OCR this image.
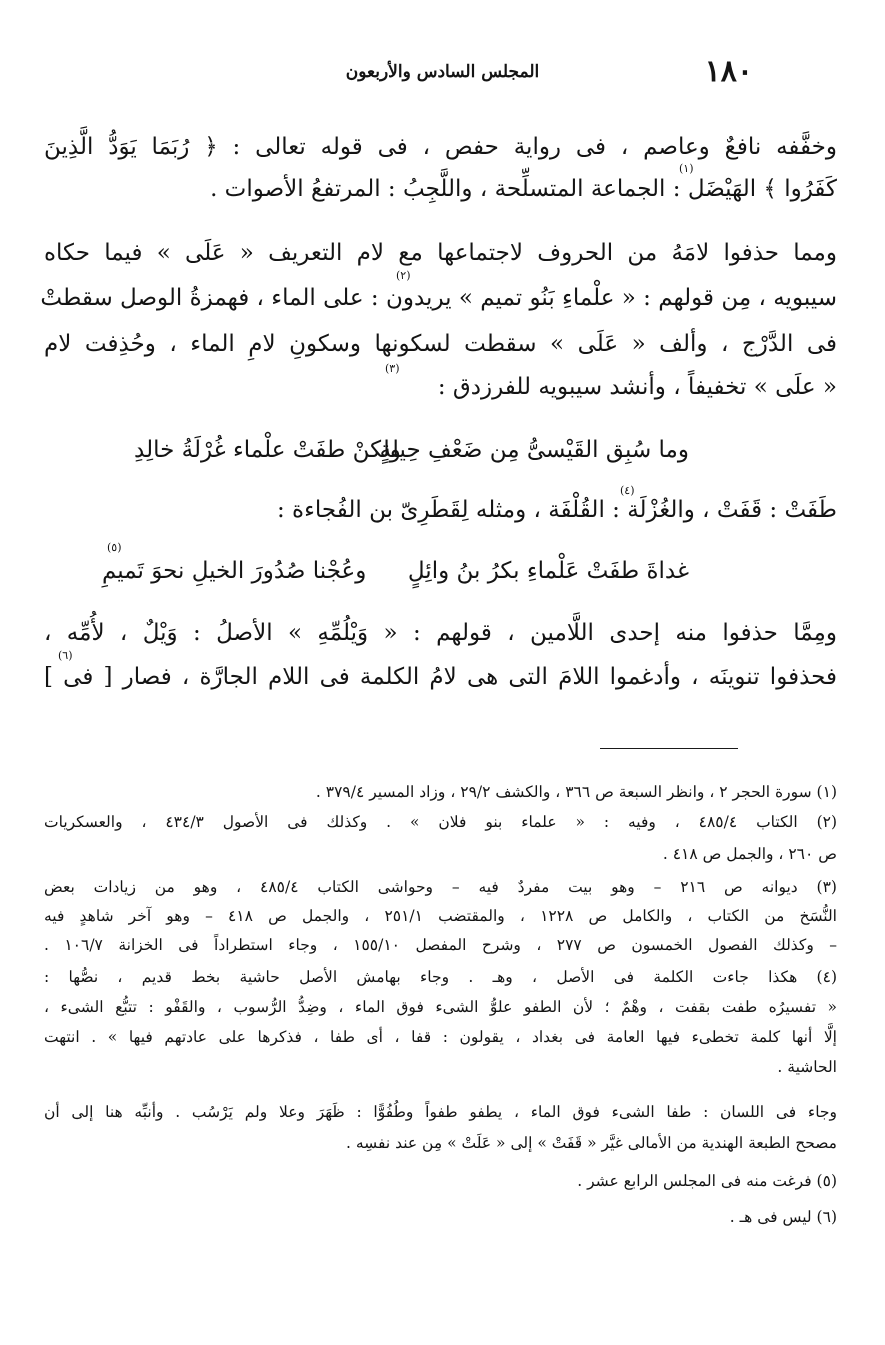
١٨٠
المجلس السادس والأربعون
وخفَّفه نافعٌ وعاصم ، فى رواية حفص ، فى قوله تعالى : ﴿ رُبَمَا يَوَدُّ الَّذِينَ
(١)
كَفَرُوا ﴾ الهَيْضَل : الجماعة المتسلِّحة ، واللَّجِبُ : المرتفعُ الأصوات .
ومما حذفوا لامَهُ من الحروف لاجتماعها مع لام التعريف « عَلَى » فيما حكاه
(٢)
سيبويه ، مِن قولهم : « علْماءِ بَنُو تميم » يريدون : على الماء ، فهمزةُ الوصل سقطتْ
فى الدَّرْج ، وألف « عَلَى » سقطت لسكونها وسكونِ لامِ الماء ، وحُذِفت لام
(٣)
« علَى » تخفيفاً ، وأنشد سيبويه للفرزدق :
وما سُبِق القَيْسىُّ مِن ضَعْفِ حِيلةٍ
ولكنْ طفَتْ علْماء غُرْلَةُ خالِدِ
(٤)
طَفَتْ : قَفَتْ ، والغُزْلَة : القُلْفَة ، ومثله لِقَطَرِىّ بن الفُجاءة :
(٥)
غداةَ طفَتْ عَلْماءِ بكرُ بنُ وائِلٍ
وعُجْنا صُدُورَ الخيلِ نحوَ تَميمِ
ومِمَّا حذفوا منه إحدى اللَّامين ، قولهم : « وَيْلُمِّهِ » الأصلُ : وَيْلٌ ، لأُمِّه ،
(٦)
فحذفوا تنوينَه ، وأدغموا اللامَ التى هى لامُ الكلمة فى اللام الجارَّة ، فصار [ فى ]
(١) سورة الحجر ٢ ، وانظر السبعة ص ٣٦٦ ، والكشف ٢٩/٢ ، وزاد المسير ٣٧٩/٤ .
(٢) الكتاب ٤٨٥/٤ ، وفيه : « علماء بنو فلان » . وكذلك فى الأصول ٤٣٤/٣ ، والعسكريات
ص ٢٦٠ ، والجمل ص ٤١٨ .
(٣) ديوانه ص ٢١٦ – وهو بيت مفردٌ فيه – وحواشى الكتاب ٤٨٥/٤ ، وهو من زيادات بعض
النُّسَخ من الكتاب ، والكامل ص ١٢٢٨ ، والمقتضب ٢٥١/١ ، والجمل ص ٤١٨ – وهو آخر شاهدٍ فيه
– وكذلك الفصول الخمسون ص ٢٧٧ ، وشرح المفصل ١٥٥/١٠ ، وجاء استطراداً فى الخزانة ١٠٦/٧ .
(٤) هكذا جاءت الكلمة فى الأصل ، وهـ . وجاء بهامش الأصل حاشية بخط قديم ، نصُّها :
« تفسيرُه طفت بقفت ، وهْمٌ ؛ لأن الطفو علوُّ الشىء فوق الماء ، وضِدُّ الرُّسوب ، والقَفْو : تتبُّع الشىء ،
إلَّا أنها كلمة تخطىء فيها العامة فى بغداد ، يقولون : قفا ، أى طفا ، فذكرها على عادتهم فيها » . انتهت
الحاشية .
وجاء فى اللسان : طفا الشىء فوق الماء ، يطفو طفواً وطُفُوًّا : ظَهَرَ وعلا ولم يَرْسُب . وأنبِّه هنا إلى أن
مصحح الطبعة الهندية من الأمالى غيَّر « قَفَتْ » إلى « عَلَتْ » مِن عند نفسِه .
(٥) فرغت منه فى المجلس الرابع عشر .
(٦) ليس فى هـ .
